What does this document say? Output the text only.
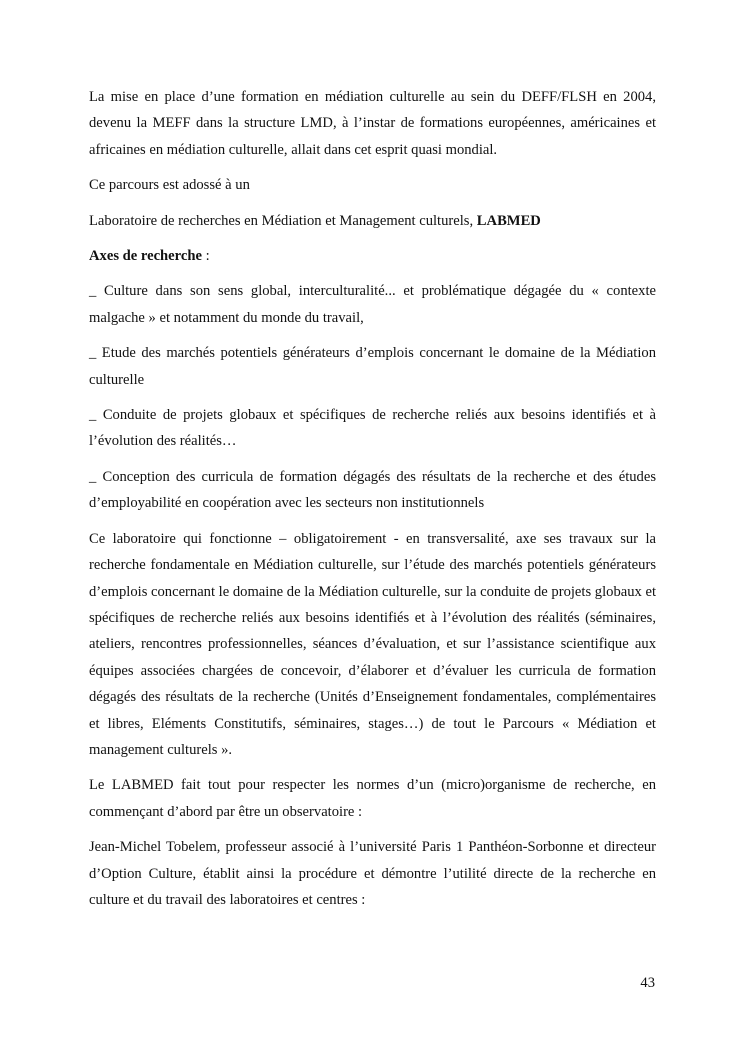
La mise en place d’une formation en médiation culturelle au sein du DEFF/FLSH en 2004, devenu la MEFF dans la structure LMD, à l’instar de formations européennes, américaines et africaines en médiation culturelle, allait dans cet esprit quasi mondial.

Ce parcours est adossé à un

Laboratoire de recherches en Médiation et Management culturels, LABMED

Axes de recherche :

_ Culture dans son sens global, interculturalité... et problématique dégagée du « contexte malgache » et notamment du monde du travail,

_ Etude des marchés potentiels générateurs d’emplois concernant le domaine de la Médiation culturelle

_ Conduite de projets globaux et spécifiques de recherche reliés aux besoins identifiés et à l’évolution des réalités…

_ Conception des curricula de formation dégagés des résultats de la recherche et des études d’employabilité en coopération avec les secteurs non institutionnels

Ce laboratoire qui fonctionne – obligatoirement - en transversalité, axe ses travaux sur la recherche fondamentale en Médiation culturelle, sur l’étude des marchés potentiels générateurs d’emplois concernant le domaine de la Médiation culturelle, sur la conduite de projets globaux et spécifiques de recherche reliés aux besoins identifiés et à l’évolution des réalités (séminaires, ateliers, rencontres professionnelles, séances d’évaluation, et sur l’assistance scientifique aux équipes associées chargées de concevoir, d’élaborer et d’évaluer les curricula de formation dégagés des résultats de la recherche (Unités d’Enseignement fondamentales, complémentaires et libres, Eléments Constitutifs, séminaires, stages…) de tout le Parcours « Médiation et management culturels ».

Le LABMED fait tout pour respecter les normes d’un (micro)organisme de recherche, en commençant d’abord par être un observatoire :

Jean-Michel Tobelem, professeur associé à l’université Paris 1 Panthéon-Sorbonne et directeur d’Option Culture, établit ainsi la procédure et démontre l’utilité directe de la recherche en culture et du travail des laboratoires et centres :

43
